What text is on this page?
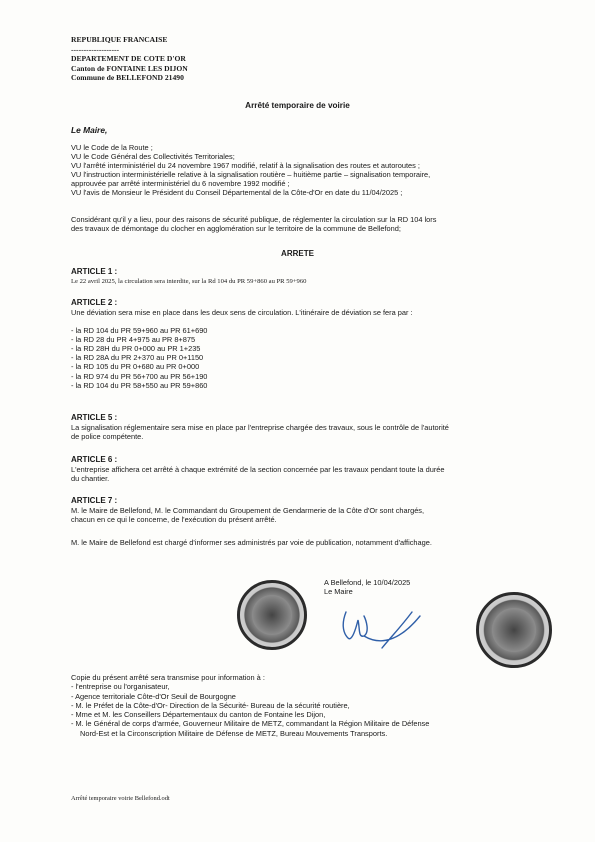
REPUBLIQUE FRANCAISE
-------------------
DEPARTEMENT DE COTE D'OR
Canton de FONTAINE LES DIJON
Commune de BELLEFOND 21490
Arrêté temporaire de voirie
Le Maire,

VU le Code de la Route ;

VU le Code Général des Collectivités Territoriales;

VU l'arrêté interministériel du 24 novembre 1967 modifié, relatif à la signalisation des routes et autoroutes ;

VU l'instruction interministérielle relative à la signalisation routière – huitième partie – signalisation temporaire,

approuvée par arrêté interministériel du 6 novembre 1992 modifié ;

VU l'avis de Monsieur le Président du Conseil Départemental de la Côte-d'Or en date du 11/04/2025 ;

Considérant qu'il y a lieu, pour des raisons de sécurité publique, de réglementer la circulation sur la RD 104 lors

des travaux de démontage du clocher en agglomération sur le territoire de la commune de Bellefond;

ARRETE
ARTICLE 1 :

Le 22 avril 2025, la circulation sera interdite, sur la Rd 104 du PR 59+860 au PR 59+960

ARTICLE 2 :

Une déviation sera mise en place dans les deux sens de circulation. L'itinéraire de déviation se fera par :

- la RD 104 du PR 59+960 au PR 61+690

- la RD 28 du PR 4+975 au PR 8+875

- la RD 28H du PR 0+000 au PR 1+235

- la RD 28A du PR 2+370 au PR 0+1150

- la RD 105 du PR 0+680 au PR 0+000

- la RD 974 du PR 56+700 au PR 56+190

- la RD 104 du PR 58+550 au PR 59+860

ARTICLE 5 :

La signalisation réglementaire sera mise en place par l'entreprise chargée des travaux, sous le contrôle de l'autorité

de police compétente.

ARTICLE 6 :

L'entreprise affichera cet arrêté à chaque extrémité de la section concernée par les travaux pendant toute la durée

du chantier.

ARTICLE 7 :

M. le Maire de Bellefond, M. le Commandant du Groupement de Gendarmerie de la Côte d'Or sont chargés,

chacun en ce qui le concerne, de l'exécution du présent arrêté.

M. le Maire de Bellefond est chargé d'informer ses administrés par voie de publication, notamment d'affichage.

A Bellefond, le 10/04/2025
Le Maire

Copie du présent arrêté sera transmise pour information à :

- l'entreprise ou l'organisateur,

- Agence territoriale Côte-d'Or Seuil de Bourgogne

- M. le Préfet de la Côte-d'Or- Direction de la Sécurité- Bureau de la sécurité routière,

- Mme et M. les Conseillers Départementaux du canton de Fontaine les Dijon,

- M. le Général de corps d'armée, Gouverneur Militaire de METZ, commandant la Région Militaire de Défense

Nord-Est et la Circonscription Militaire de Défense de METZ, Bureau Mouvements Transports.

Arrêté temporaire voirie Bellefond.odt
